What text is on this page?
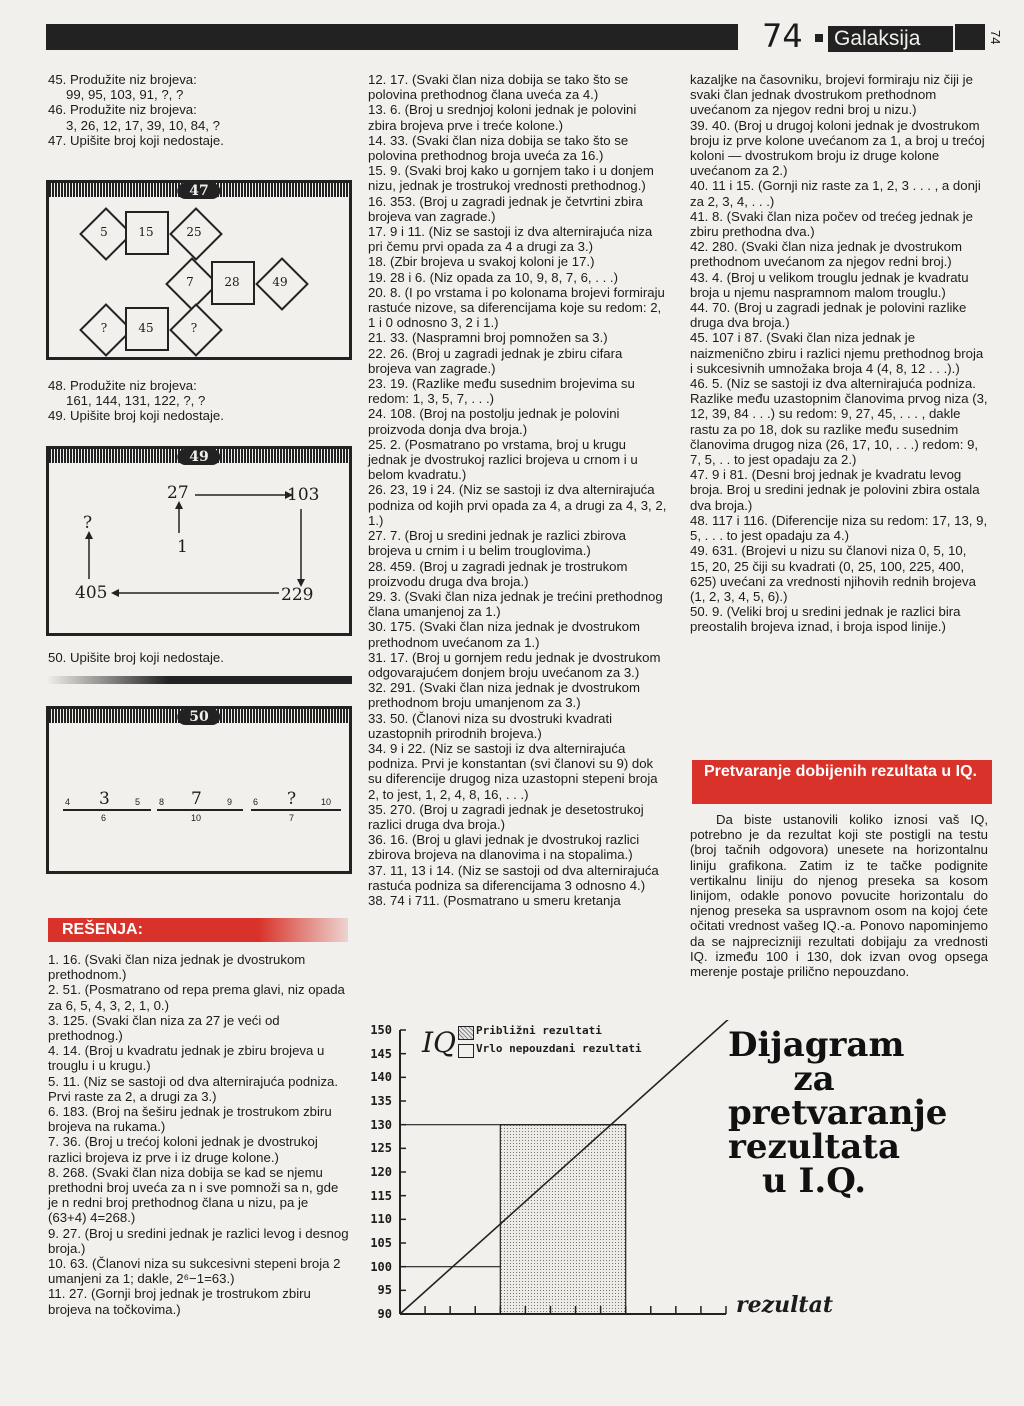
74 Galaksija 213
74

45. Produžite niz brojeva:

99, 95, 103, 91, ?, ?

46. Produžite niz brojeva:

3, 26, 12, 17, 39, 10, 84, ?

47. Upišite broj koji nedostaje.

47
5	15	25
7	28	49
?	45	?

48. Produžite niz brojeva:

161, 144, 131, 122, ?, ?

49. Upišite broj koji nedostaje.

49
27	103
?
1
405	229

50. Upišite broj koji nedostaje.

50
4 3	5
6
8 7	9
10
6 ?	10
7
REŠENJA:

1. 16. (Svaki član niza jednak je dvostrukom prethodnom.)

2. 51. (Posmatrano od repa prema glavi, niz opada za 6, 5, 4, 3, 2, 1, 0.)

3. 125. (Svaki član niza za 27 je veći od prethodnog.)

4. 14. (Broj u kvadratu jednak je zbiru brojeva u trouglu i u krugu.)

5. 11. (Niz se sastoji od dva alternirajuća podniza. Prvi raste za 2, a drugi za 3.)

6. 183. (Broj na šeširu jednak je trostrukom zbiru brojeva na rukama.)

7. 36. (Broj u trećoj koloni jednak je dvostrukoj razlici brojeva iz prve i iz druge kolone.)

8. 268. (Svaki član niza dobija se kad se njemu prethodni broj uveća za n i sve pomnoži sa n, gde je n redni broj prethodnog člana u nizu, pa je (63+4) 4=268.)

9. 27. (Broj u sredini jednak je razlici levog i desnog broja.)

10. 63. (Članovi niza su sukcesivni stepeni broja 2 umanjeni za 1; dakle, 2⁶−1=63.)

11. 27. (Gornji broj jednak je trostrukom zbiru brojeva na točkovima.)

12. 17. (Svaki član niza dobija se tako što se polovina prethodnog člana uveća za 4.)

13. 6. (Broj u srednjoj koloni jednak je polovini zbira brojeva prve i treće kolone.)

14. 33. (Svaki član niza dobija se tako što se polovina prethodnog broja uveća za 16.)

15. 9. (Svaki broj kako u gornjem tako i u donjem nizu, jednak je trostrukoj vrednosti prethodnog.)

16. 353. (Broj u zagradi jednak je četvrtini zbira brojeva van zagrade.)

17. 9 i 11. (Niz se sastoji iz dva alternirajuća niza pri čemu prvi opada za 4 a drugi za 3.)

18. (Zbir brojeva u svakoj koloni je 17.)

19. 28 i 6. (Niz opada za 10, 9, 8, 7, 6, . . .)

20. 8. (I po vrstama i po kolonama brojevi formiraju rastuće nizove, sa diferencijama koje su redom: 2, 1 i 0 odnosno 3, 2 i 1.)

21. 33. (Naspramni broj pomnožen sa 3.)

22. 26. (Broj u zagradi jednak je zbiru cifara brojeva van zagrade.)

23. 19. (Razlike među susednim brojevima su redom: 1, 3, 5, 7, . . .)

24. 108. (Broj na postolju jednak je polovini proizvoda donja dva broja.)

25. 2. (Posmatrano po vrstama, broj u krugu jednak je dvostrukoj razlici brojeva u crnom i u belom kvadratu.)

26. 23, 19 i 24. (Niz se sastoji iz dva alternirajuća podniza od kojih prvi opada za 4, a drugi za 4, 3, 2, 1.)

27. 7. (Broj u sredini jednak je razlici zbirova brojeva u crnim i u belim trouglovima.)

28. 459. (Broj u zagradi jednak je trostrukom proizvodu druga dva broja.)

29. 3. (Svaki član niza jednak je trećini prethodnog člana umanjenoj za 1.)

30. 175. (Svaki član niza jednak je dvostrukom prethodnom uvećanom za 1.)

31. 17. (Broj u gornjem redu jednak je dvostrukom odgovarajućem donjem broju uvećanom za 3.)

32. 291. (Svaki član niza jednak je dvostrukom prethodnom broju umanjenom za 3.)

33. 50. (Članovi niza su dvostruki kvadrati uzastopnih prirodnih brojeva.)

34. 9 i 22. (Niz se sastoji iz dva alternirajuća podniza. Prvi je konstantan (svi članovi su 9) dok su diferencije drugog niza uzastopni stepeni broja 2, to jest, 1, 2, 4, 8, 16, . . .)

35. 270. (Broj u zagradi jednak je desetostrukoj razlici druga dva broja.)

36. 16. (Broj u glavi jednak je dvostrukoj razlici zbirova brojeva na dlanovima i na stopalima.)

37. 11, 13 i 14. (Niz se sastoji od dva alternirajuća rastuća podniza sa diferencijama 3 odnosno 4.)

38. 74 i 711. (Posmatrano u smeru kretanja

kazaljke na časovniku, brojevi formiraju niz čiji je svaki član jednak dvostrukom prethodnom uvećanom za njegov redni broj u nizu.)

39. 40. (Broj u drugoj koloni jednak je dvostrukom broju iz prve kolone uvećanom za 1, a broj u trećoj koloni — dvostrukom broju iz druge kolone uvećanom za 2.)

40. 11 i 15. (Gornji niz raste za 1, 2, 3 . . . , a donji za 2, 3, 4, . . .)

41. 8. (Svaki član niza počev od trećeg jednak je zbiru prethodna dva.)

42. 280. (Svaki član niza jednak je dvostrukom prethodnom uvećanom za njegov redni broj.)

43. 4. (Broj u velikom trouglu jednak je kvadratu broja u njemu naspramnom malom trouglu.)

44. 70. (Broj u zagradi jednak je polovini razlike druga dva broja.)

45. 107 i 87. (Svaki član niza jednak je naizmenično zbiru i razlici njemu prethodnog broja i sukcesivnih umnožaka broja 4 (4, 8, 12 . . .).)

46. 5. (Niz se sastoji iz dva alternirajuća podniza. Razlike među uzastopnim članovima prvog niza (3, 12, 39, 84 . . .) su redom: 9, 27, 45, . . . , dakle rastu za po 18, dok su razlike među susednim članovima drugog niza (26, 17, 10, . . .) redom: 9, 7, 5, . . to jest opadaju za 2.)

47. 9 i 81. (Desni broj jednak je kvadratu levog broja. Broj u sredini jednak je polovini zbira ostala dva broja.)

48. 117 i 116. (Diferencije niza su redom: 17, 13, 9, 5, . . . to jest opadaju za 4.)

49. 631. (Brojevi u nizu su članovi niza 0, 5, 10, 15, 20, 25 čiji su kvadrati (0, 25, 100, 225, 400, 625) uvećani za vrednosti njihovih rednih brojeva (1, 2, 3, 4, 5, 6).)

50. 9. (Veliki broj u sredini jednak je razlici bira preostalih brojeva iznad, i broja ispod linije.)

Pretvaranje dobijenih rezultata u IQ.
Da biste ustanovili koliko iznosi vaš IQ, potrebno je da rezultat koji ste postigli na testu (broj tačnih odgovora) unesete na horizontalnu liniju grafikona. Zatim iz te tačke podignite vertikalnu liniju do njenog preseka sa kosom linijom, odakle ponovo povucite horizontalu do njenog preseka sa uspravnom osom na kojoj ćete očitati vrednost vašeg IQ.-a. Ponovo napominjemo da se najprecizniji rezultati dobijaju za vrednosti IQ. između 100 i 130, dok izvan ovog opsega merenje postaje prilično nepouzdano.
Dijagram za pretvaranje rezultata u I.Q.
150
145
140
135
130
125
120
115
110
105
100
95
90
IQ Približni rezultati
Vrlo nepouzdani rezultati
rezultat
